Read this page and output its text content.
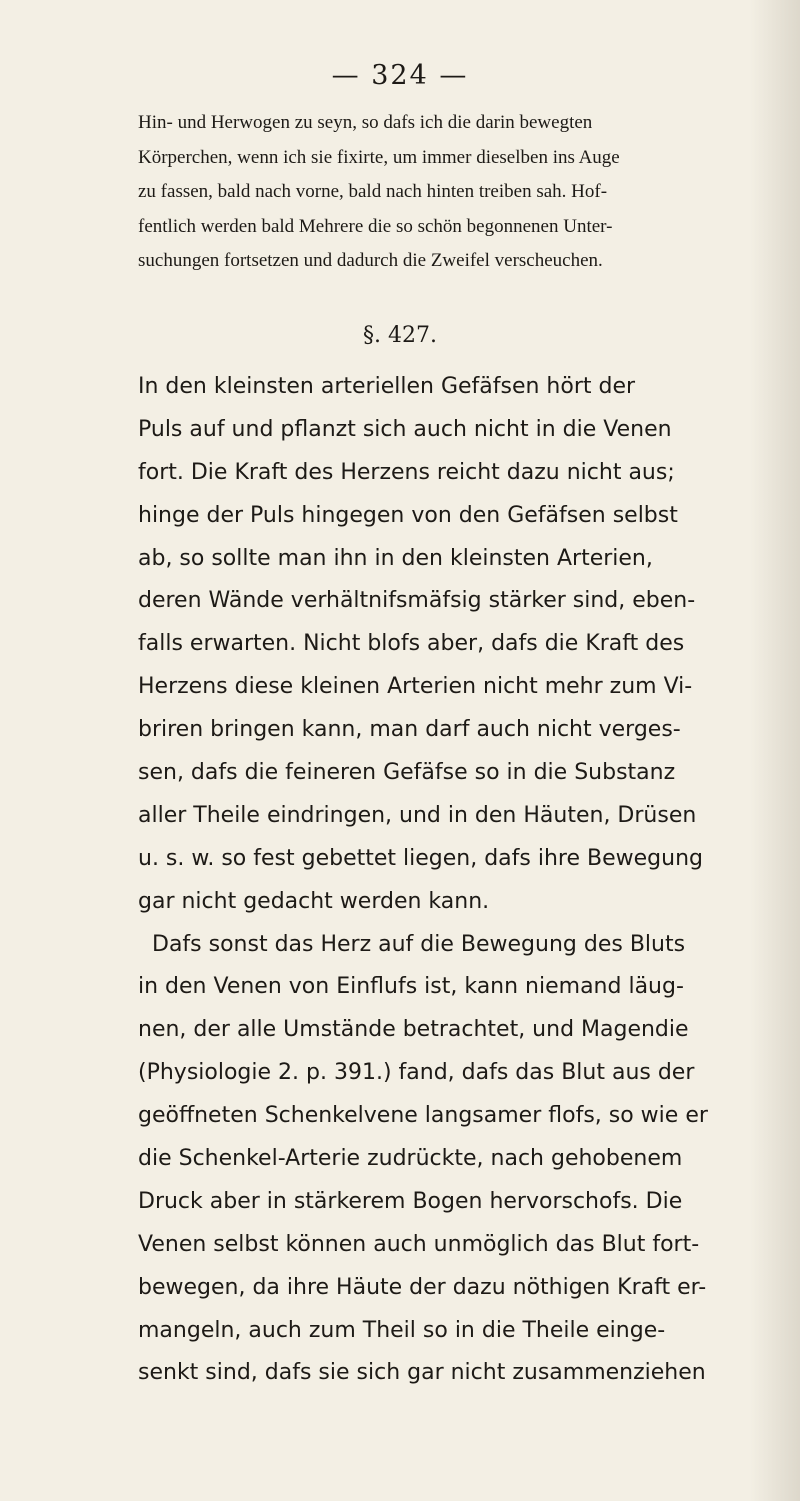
— 324 —
Hin- und Herwogen zu seyn, so dafs ich die darin bewegten
Körperchen, wenn ich sie fixirte, um immer dieselben ins Auge
zu fassen, bald nach vorne, bald nach hinten treiben sah. Hof-
fentlich werden bald Mehrere die so schön begonnenen Unter-
suchungen fortsetzen und dadurch die Zweifel verscheuchen.
§. 427.
In den kleinsten arteriellen Gefäfsen hört der
Puls auf und pflanzt sich auch nicht in die Venen
fort. Die Kraft des Herzens reicht dazu nicht aus;
hinge der Puls hingegen von den Gefäfsen selbst
ab, so sollte man ihn in den kleinsten Arterien,
deren Wände verhältnifsmäfsig stärker sind, eben-
falls erwarten. Nicht blofs aber, dafs die Kraft des
Herzens diese kleinen Arterien nicht mehr zum Vi-
briren bringen kann, man darf auch nicht verges-
sen, dafs die feineren Gefäfse so in die Substanz
aller Theile eindringen, und in den Häuten, Drüsen
u. s. w. so fest gebettet liegen, dafs ihre Bewegung
gar nicht gedacht werden kann.
Dafs sonst das Herz auf die Bewegung des Bluts
in den Venen von Einflufs ist, kann niemand läug-
nen, der alle Umstände betrachtet, und Magendie
(Physiologie 2. p. 391.) fand, dafs das Blut aus der
geöffneten Schenkelvene langsamer flofs, so wie er
die Schenkel-Arterie zudrückte, nach gehobenem
Druck aber in stärkerem Bogen hervorschofs. Die
Venen selbst können auch unmöglich das Blut fort-
bewegen, da ihre Häute der dazu nöthigen Kraft er-
mangeln, auch zum Theil so in die Theile einge-
senkt sind, dafs sie sich gar nicht zusammenziehen
